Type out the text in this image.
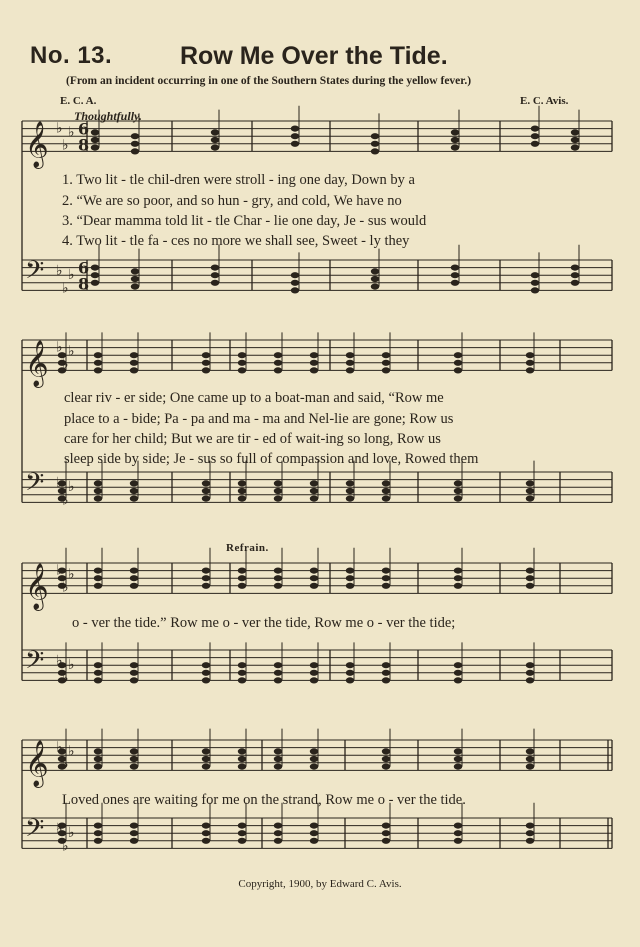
No. 13.	Row Me Over the Tide.
(From an incident occurring in one of the Southern States during the yellow fever.)
E. C. A.	E. C. Avis.
Thoughtfully.
𝄞
𝄢
♭
♭
♭
♭
♭
♭
6
8
6
8
𝄞
𝄢
♭
♭
♭
♭
♭
♭
𝄞
𝄢
♭
♭
♭
♭
♭
♭
𝄞
𝄢
♭
♭
♭
♭
♭
♭
1. Two lit - tle chil-dren were stroll - ing one day, Down by a
2. “We are so poor, and so hun - gry, and cold, We have no
3. “Dear mamma told lit - tle Char - lie one day, Je - sus would
4. Two lit - tle fa - ces no more we shall see, Sweet - ly they
clear riv - er side; One came up to a boat-man and said, “Row me
place to a - bide; Pa - pa and ma - ma and Nel-lie are gone; Row us
care for her child; But we are tir - ed of wait-ing so long, Row us
sleep side by side; Je - sus so full of compassion and love, Rowed them
Refrain.
o - ver the tide.” Row me o - ver the tide, Row me o - ver the tide;
Loved ones are waiting for me on the strand, Row me o - ver the tide.
Copyright, 1900, by Edward C. Avis.
